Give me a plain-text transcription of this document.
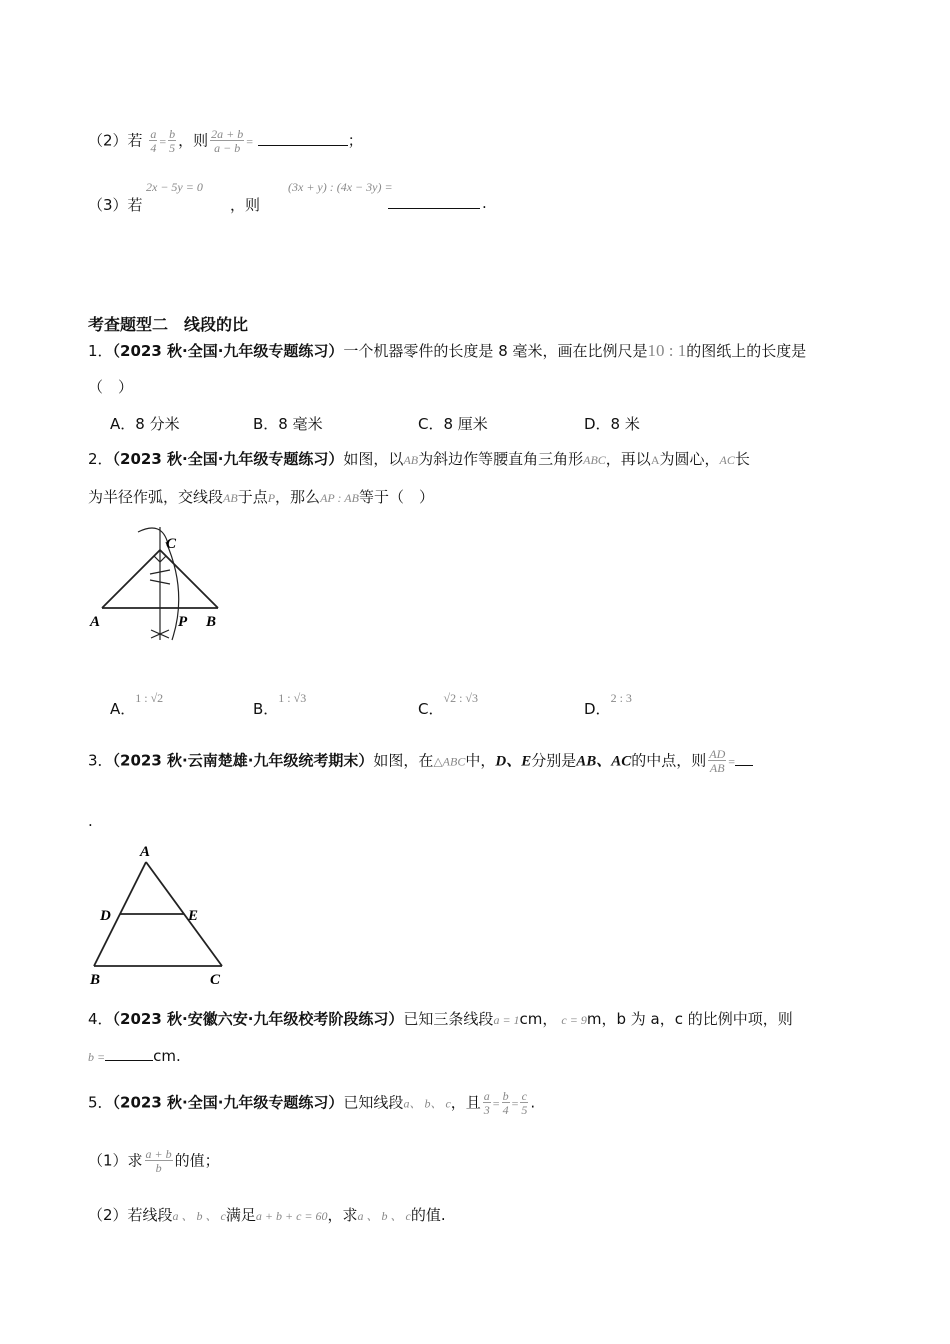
（2）若 $\frac{a}{4} = \frac{b}{5}$ ，则 $\frac{2a + b}{a - b}$ =	；
（3）若
2x − 5y = 0
，则
(3x + y) : (4x − 3y) =
.
考查题型二　线段的比
1．（2023 秋·全国·九年级专题练习）一个机器零件的长度是 8 毫米，画在比例尺是10 : 1的图纸上的长度是
（　）
A．8 分米	B．8 毫米	C．8 厘米	D．8 米
2．（2023 秋·全国·九年级专题练习）如图，以AB为斜边作等腰直角三角形ABC，再以A为圆心，AC长
为半径作弧，交线段AB于点P，那么AP : AB等于（　）
C
A	P B
A．1 : √2
B．1 : √3
C．√2 : √3
D．2 : 3
3．（2023 秋·云南楚雄·九年级统考期末）如图，在△ABC中，D、E分别是AB、AC的中点，则 $\frac{AD}{AB}$ =
.
A
D	E
B	C
4．（2023 秋·安徽六安·九年级校考阶段练习）已知三条线段a = 1cm， c = 9m，b 为 a，c 的比例中项，则
b =	cm.
5．（2023 秋·全国·九年级专题练习）已知线段a、 b、 c，且 $\frac{a}{3} = \frac{b}{4} = \frac{c}{5}$ .
（1）求 $\frac{a + b}{b}$ 的值；
（2）若线段a 、 b 、 c满足a + b + c = 60，求a 、 b 、 c的值.
